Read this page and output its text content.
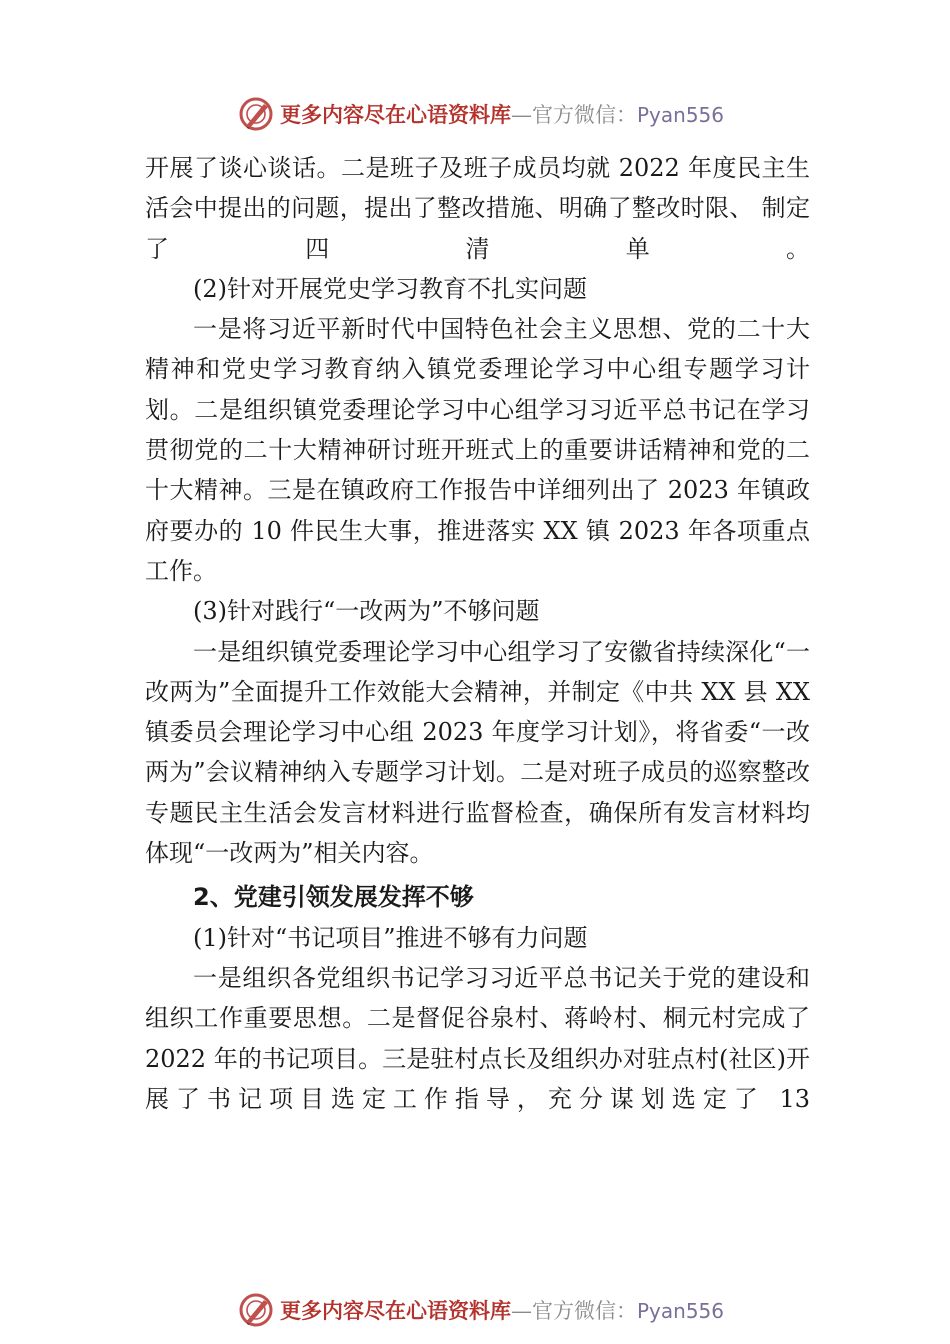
更多内容尽在心语资料库—官方微信：Pyan556

开展了谈心谈话。二是班子及班子成员均就 2022 年度民主生活会中提出的问题，提出了整改措施、明确了整改时限、 制定了四清单。

(2)针对开展党史学习教育不扎实问题

一是将习近平新时代中国特色社会主义思想、党的二十大精神和党史学习教育纳入镇党委理论学习中心组专题学习计划。二是组织镇党委理论学习中心组学习习近平总书记在学习贯彻党的二十大精神研讨班开班式上的重要讲话精神和党的二十大精神。三是在镇政府工作报告中详细列出了 2023 年镇政府要办的 10 件民生大事，推进落实 XX 镇 2023 年各项重点工作。

(3)针对践行“一改两为”不够问题

一是组织镇党委理论学习中心组学习了安徽省持续深化“一改两为”全面提升工作效能大会精神，并制定《中共 XX 县 XX 镇委员会理论学习中心组 2023 年度学习计划》，将省委“一改两为”会议精神纳入专题学习计划。二是对班子成员的巡察整改专题民主生活会发言材料进行监督检查，确保所有发言材料均体现“一改两为”相关内容。

2、党建引领发展发挥不够

(1)针对“书记项目”推进不够有力问题

一是组织各党组织书记学习习近平总书记关于党的建设和组织工作重要思想。二是督促谷泉村、蒋岭村、桐元村完成了 2022 年的书记项目。三是驻村点长及组织办对驻点村(社区)开展了书记项目选定工作指导，充分谋划选定了 13

更多内容尽在心语资料库—官方微信：Pyan556
